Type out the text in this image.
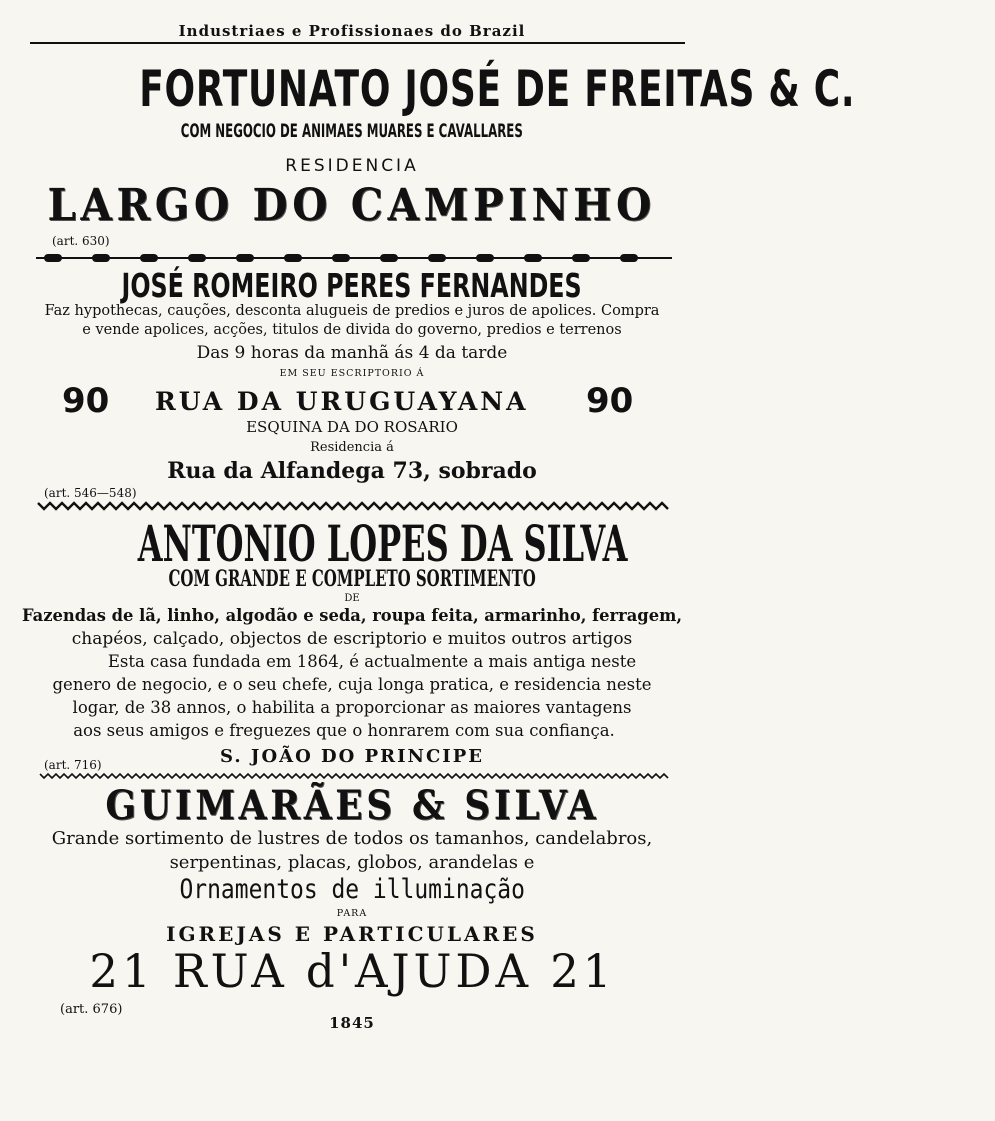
Industriaes e Profissionaes do Brazil
FORTUNATO JOSÉ DE FREITAS & C.
COM NEGOCIO DE ANIMAES MUARES E CAVALLARES
RESIDENCIA
LARGO DO CAMPINHO
(art. 630)
JOSÉ ROMEIRO PERES FERNANDES
Faz hypothecas, cauções, desconta alugueis de predios e juros de apolices. Compra
e vende apolices, acções, titulos de divida do governo, predios e terrenos
Das 9 horas da manhã ás 4 da tarde
EM SEU ESCRIPTORIO Á
90 RUA DA URUGUAYANA 90
ESQUINA DA DO ROSARIO
Residencia á
Rua da Alfandega 73, sobrado
(art. 546—548)
ANTONIO LOPES DA SILVA
COM GRANDE E COMPLETO SORTIMENTO
DE
Fazendas de lã, linho, algodão e seda, roupa feita, armarinho, ferragem,
chapéos, calçado, objectos de escriptorio e muitos outros artigos
Esta casa fundada em 1864, é actualmente a mais antiga neste
genero de negocio, e o seu chefe, cuja longa pratica, e residencia neste
logar, de 38 annos, o habilita a proporcionar as maiores vantagens
aos seus amigos e freguezes que o honrarem com sua confiança.
S. JOÃO DO PRINCIPE
(art. 716)
GUIMARÃES & SILVA
Grande sortimento de lustres de todos os tamanhos, candelabros,
serpentinas, placas, globos, arandelas e
Ornamentos de illuminação
PARA
IGREJAS E PARTICULARES
21 RUA d'AJUDA 21
(art. 676)
1845
